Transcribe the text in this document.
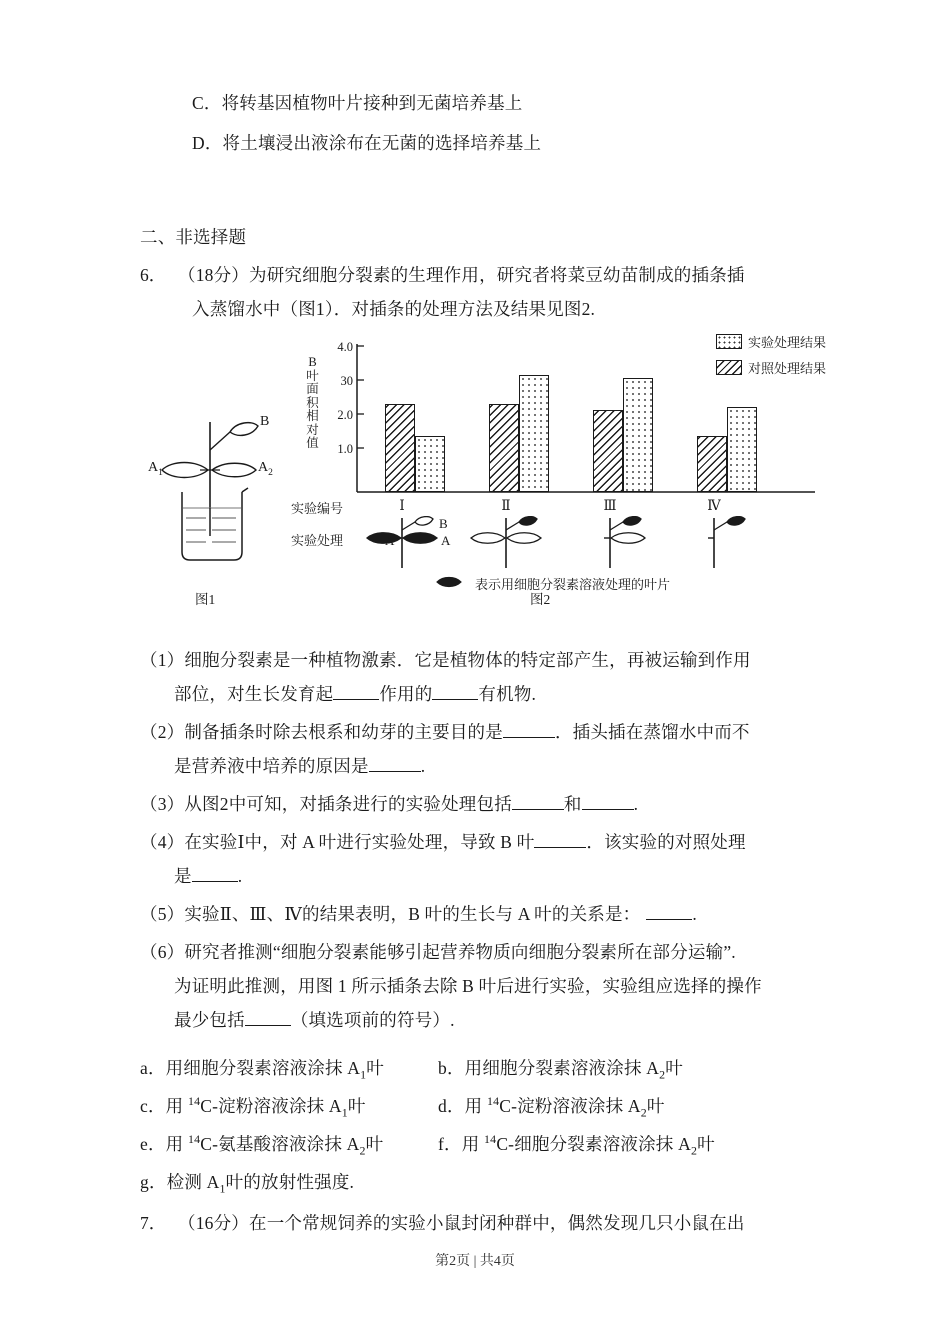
C．将转基因植物叶片接种到无菌培养基上
D．将土壤浸出液涂布在无菌的选择培养基上
二、非选择题
6． （18分）为研究细胞分裂素的生理作用，研究者将菜豆幼苗制成的插条插
入蒸馏水中（图1）．对插条的处理方法及结果见图2.
B
$A_1$	$A_2$
图1
实验处理结果
对照处理结果
B叶面积相对值
4.0
30
2.0
1.0
实验编号	Ⅰ	Ⅱ	Ⅲ	Ⅳ
实验处理	A	A
B
表示用细胞分裂素溶液处理的叶片
图2
（1）细胞分裂素是一种植物激素．它是植物体的特定部产生，再被运输到作用
部位，对生长发育起	作用的	有机物.
（2）制备插条时除去根系和幼芽的主要目的是	．插头插在蒸馏水中而不
是营养液中培养的原因是	.
（3）从图2中可知，对插条进行的实验处理包括	和	.
（4）在实验Ⅰ中，对 A 叶进行实验处理，导致 B 叶	．该实验的对照处理
是	.
（5）实验Ⅱ、Ⅲ、Ⅳ的结果表明，B 叶的生长与 A 叶的关系是：	.
（6）研究者推测“细胞分裂素能够引起营养物质向细胞分裂素所在部分运输”.
为证明此推测，用图 1 所示插条去除 B 叶后进行实验，实验组应选择的操作
最少包括	（填选项前的符号）.
a．用细胞分裂素溶液涂抹 $A_1$叶	b．用细胞分裂素溶液涂抹 $A_2$叶
c．用 $^{14}$C‑淀粉溶液涂抹 $A_1$叶	d．用 $^{14}$C‑淀粉溶液涂抹 $A_2$叶
e．用 $^{14}$C‑氨基酸溶液涂抹 $A_2$叶	f．用 $^{14}$C‑细胞分裂素溶液涂抹 $A_2$叶
g．检测 $A_1$叶的放射性强度.
7． （16分）在一个常规饲养的实验小鼠封闭种群中，偶然发现几只小鼠在出
第2页 | 共4页
